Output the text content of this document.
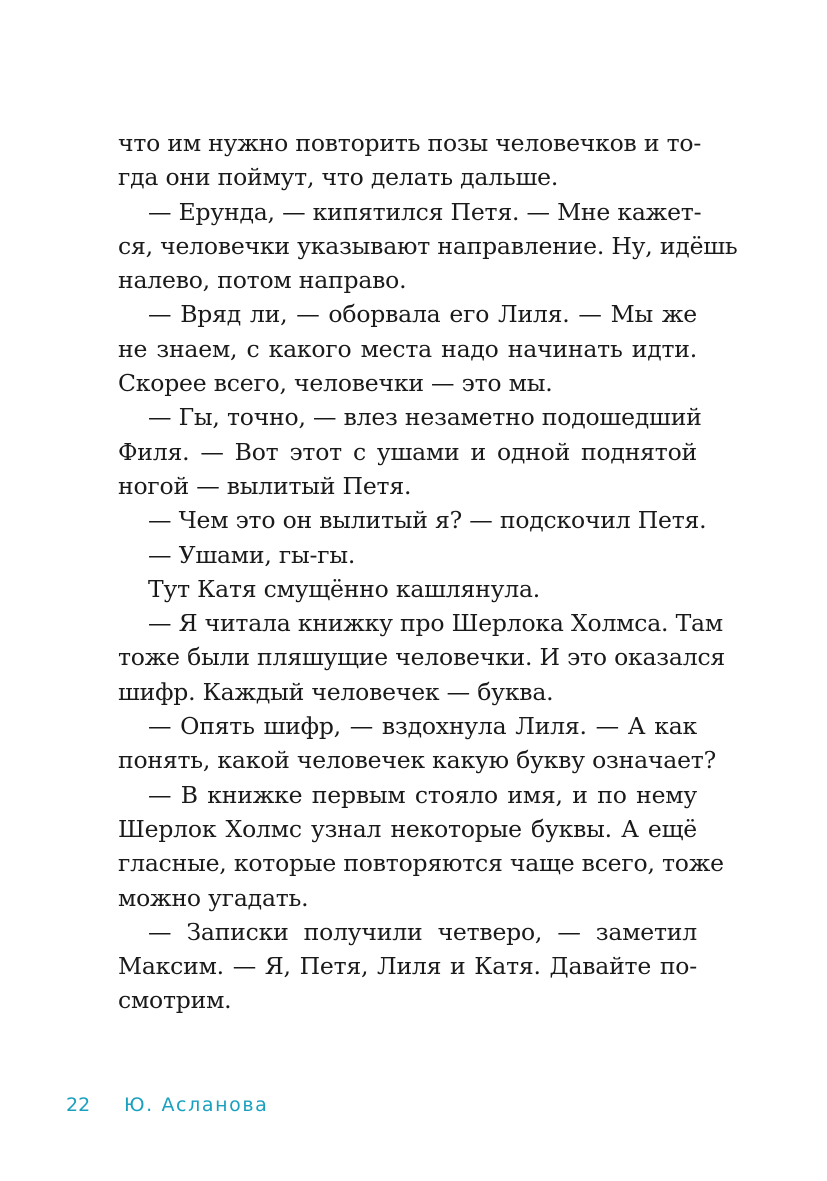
что им нужно повторить позы человечков и то-
гда они поймут, что делать дальше.
— Ерунда, — кипятился Петя. — Мне кажет-
ся, человечки указывают направление. Ну, идёшь
налево, потом направо.
— Вряд ли, — оборвала его Лиля. — Мы же
не знаем, с какого места надо начинать идти.
Скорее всего, человечки — это мы.
— Гы, точно, — влез незаметно подошедший
Филя. — Вот этот с ушами и одной поднятой
ногой — вылитый Петя.
— Чем это он вылитый я? — подскочил Петя.
— Ушами, гы-гы.
Тут Катя смущённо кашлянула.
— Я читала книжку про Шерлока Холмса. Там
тоже были пляшущие человечки. И это оказался
шифр. Каждый человечек — буква.
— Опять шифр, — вздохнула Лиля. — А как
понять, какой человечек какую букву означает?
— В книжке первым стояло имя, и по нему
Шерлок Холмс узнал некоторые буквы. А ещё
гласные, которые повторяются чаще всего, тоже
можно угадать.
— Записки получили четверо, — заметил
Максим. — Я, Петя, Лиля и Катя. Давайте по-
смотрим.
22 Ю. Асланова
